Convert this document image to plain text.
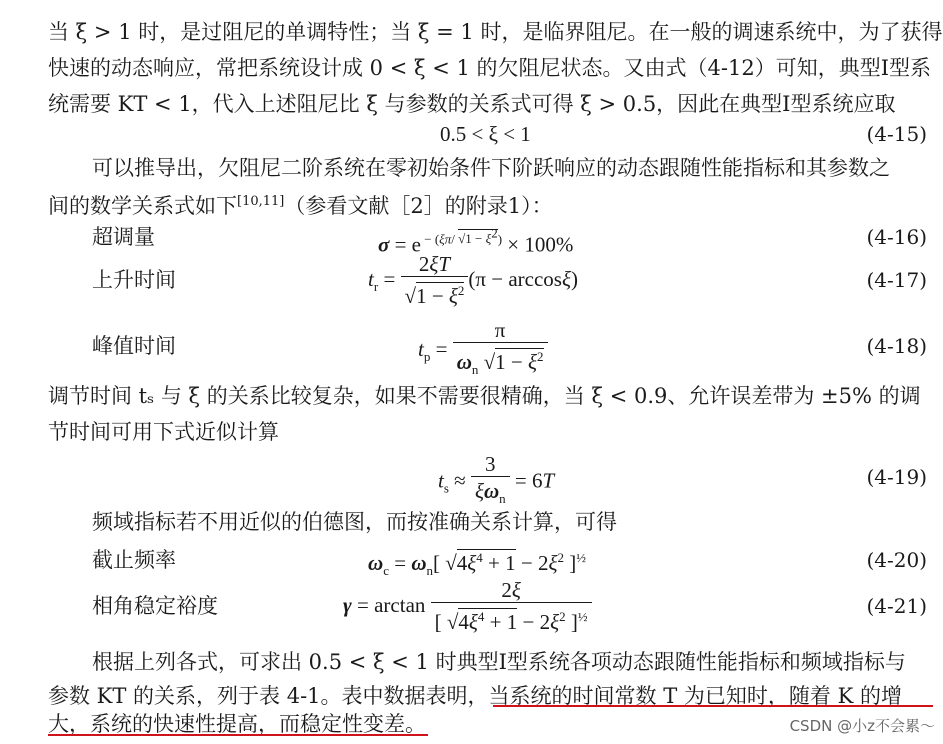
当 ξ > 1 时，是过阻尼的单调特性；当 ξ = 1 时，是临界阻尼。在一般的调速系统中，为了获得
快速的动态响应，常把系统设计成 0 < ξ < 1 的欠阻尼状态。又由式（4-12）可知，典型Ⅰ型系
统需要 KT < 1，代入上述阻尼比 ξ 与参数的关系式可得 ξ > 0.5，因此在典型Ⅰ型系统应取
0.5 < ξ < 1	(4-15)
可以推导出，欠阻尼二阶系统在零初始条件下阶跃响应的动态跟随性能指标和其参数之
间的数学关系式如下[10,11]（参看文献［2］的附录1）：
超调量	σ = e $^{- (\xi\pi/ √1 - \xi^2)}$ × 100%	(4-16)
上升时间	$t_r = \frac{2\xi T}{√1 - \xi^2} (\pi - \arccos\xi)$	(4-17)
峰值时间	$t_p = \frac{\pi}{\omega_n √1 - \xi^2}$	(4-18)
调节时间 tₛ 与 ξ 的关系比较复杂，如果不需要很精确，当 ξ < 0.9、允许误差带为 ±5% 的调
节时间可用下式近似计算
$t_s \approx \frac{3}{\xi\omega_n} = 6T$	(4-19)
频域指标若不用近似的伯德图，而按准确关系计算，可得
截止频率	$\omega_c = \omega_n$[ $√4\xi^4 + 1 - 2\xi^2$ ]$^{\frac{1}{2}}$	(4-20)
相角稳定裕度	$\gamma = \arctan \frac{2\xi}{[ √4\xi^4 + 1 - 2\xi^2 ]^{\frac{1}{2}}}$	(4-21)
根据上列各式，可求出 0.5 < ξ < 1 时典型Ⅰ型系统各项动态跟随性能指标和频域指标与
参数 KT 的关系，列于表 4-1。表中数据表明，当系统的时间常数 T 为已知时，随着 K 的增
大，系统的快速性提高，而稳定性变差。	CSDN @小z不会累～
